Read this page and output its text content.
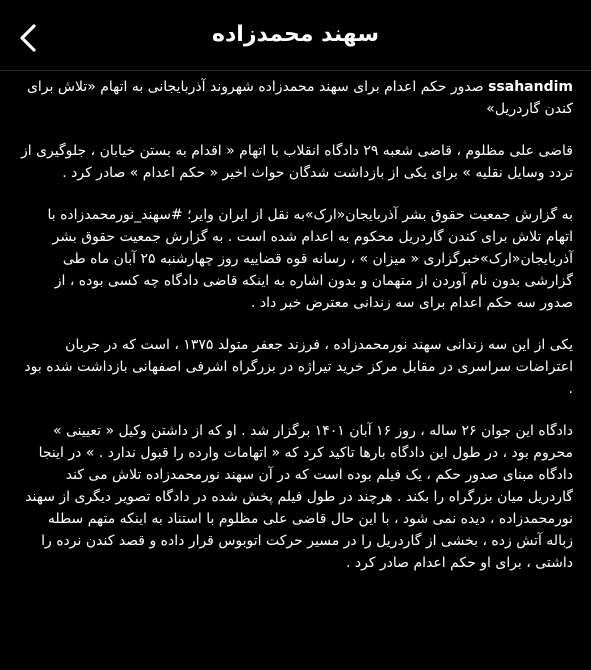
سهند محمدزاده

ssahandim صدور حکم اعدام برای سهند محمدزاده شهروند آذربایجانی به اتهام «تلاش برای کندن گاردریل»

قاضی علی مظلوم ، قاضی شعبه ۲۹ دادگاه انقلاب با اتهام « اقدام به بستن خیابان ، جلوگیری از تردد وسایل نقلیه » برای یکی از بازداشت شدگان حواث اخیر « حکم اعدام » صادر کرد .

به گزارش جمعیت حقوق بشر آذربایجان«ارک»به نقل از ایران وایر؛ #سهند_نورمحمدزاده با اتهام تلاش برای کندن گاردریل محکوم به اعدام شده است . به گزارش جمعیت حقوق بشر آذربایجان«ارک»خبرگزاری « میزان » ، رسانه قوه قضاییه روز چهارشنبه ۲۵ آبان ماه طی گزارشی بدون نام آوردن از متهمان و بدون اشاره به اینکه قاضی دادگاه چه کسی بوده ، از صدور سه حکم اعدام برای سه زندانی معترض خبر داد .

یکی از این سه زندانی سهند نورمحمدزاده ، فرزند جعفر متولد ۱۳۷۵ ، است که در جریان اعتراضات سراسری در مقابل مرکز خرید تیراژه در بزرگراه اشرفی اصفهانی بازداشت شده بود .

دادگاه این جوان ۲۶ ساله ، روز ۱۶ آبان ۱۴۰۱ برگزار شد . او که از داشتن وکیل « تعیینی » محروم بود ، در طول این دادگاه بارها تاکید کرد که « اتهامات وارده را قبول ندارد . » در اینجا دادگاه مبنای صدور حکم ، یک فیلم بوده است که در آن سهند نورمحمدزاده تلاش می کند گاردریل میان بزرگراه را بکند . هرچند در طول فیلم پخش شده در دادگاه تصویر دیگری از سهند نورمحمدزاده ، دیده نمی شود ، با این حال قاضی علی مظلوم با استناد به اینکه متهم سطله زباله آتش زده ، بخشی از گاردریل را در مسیر حرکت اتوبوس قرار داده و قصد کندن نرده را داشتی ، برای او حکم اعدام صادر کرد .
